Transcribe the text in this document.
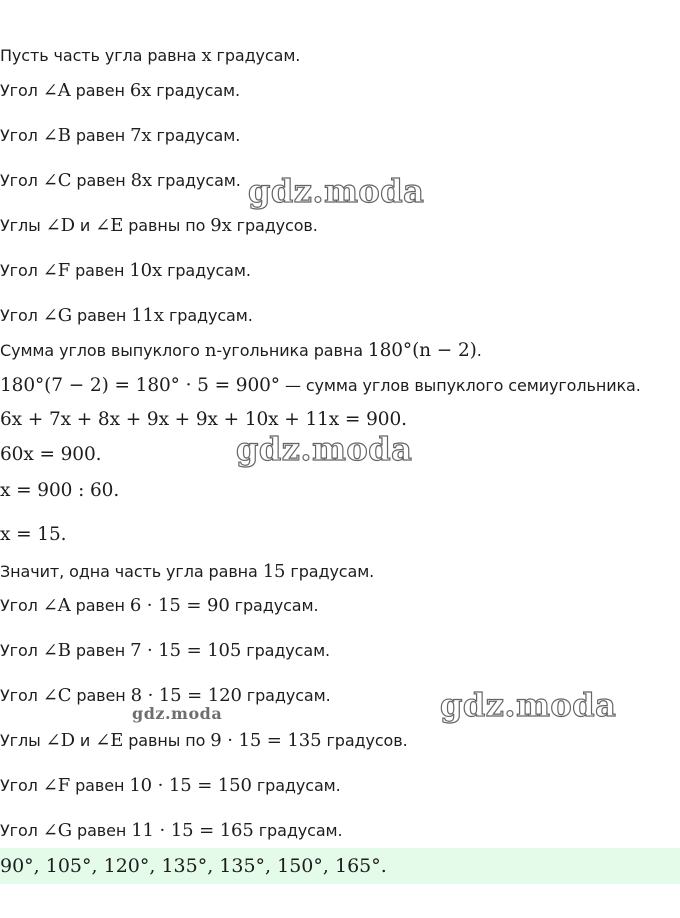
Пусть часть угла равна x градусам.
Угол ∠A равен 6x градусам.
Угол ∠B равен 7x градусам.
Угол ∠C равен 8x градусам.
Углы ∠D и ∠E равны по 9x градусов.
Угол ∠F равен 10x градусам.
Угол ∠G равен 11x градусам.
Сумма углов выпуклого n-угольника равна 180°(n − 2).
180°(7 − 2) = 180° · 5 = 900° — сумма углов выпуклого семиугольника.
6x + 7x + 8x + 9x + 9x + 10x + 11x = 900.
60x = 900.
x = 900 : 60.
x = 15.
Значит, одна часть угла равна 15 градусам.
Угол ∠A равен 6 · 15 = 90 градусам.
Угол ∠B равен 7 · 15 = 105 градусам.
Угол ∠C равен 8 · 15 = 120 градусам.
Углы ∠D и ∠E равны по 9 · 15 = 135 градусов.
Угол ∠F равен 10 · 15 = 150 градусам.
Угол ∠G равен 11 · 15 = 165 градусам.
90°, 105°, 120°, 135°, 135°, 150°, 165°.
gdz.moda
gdz.moda
gdz.moda
gdz.moda
